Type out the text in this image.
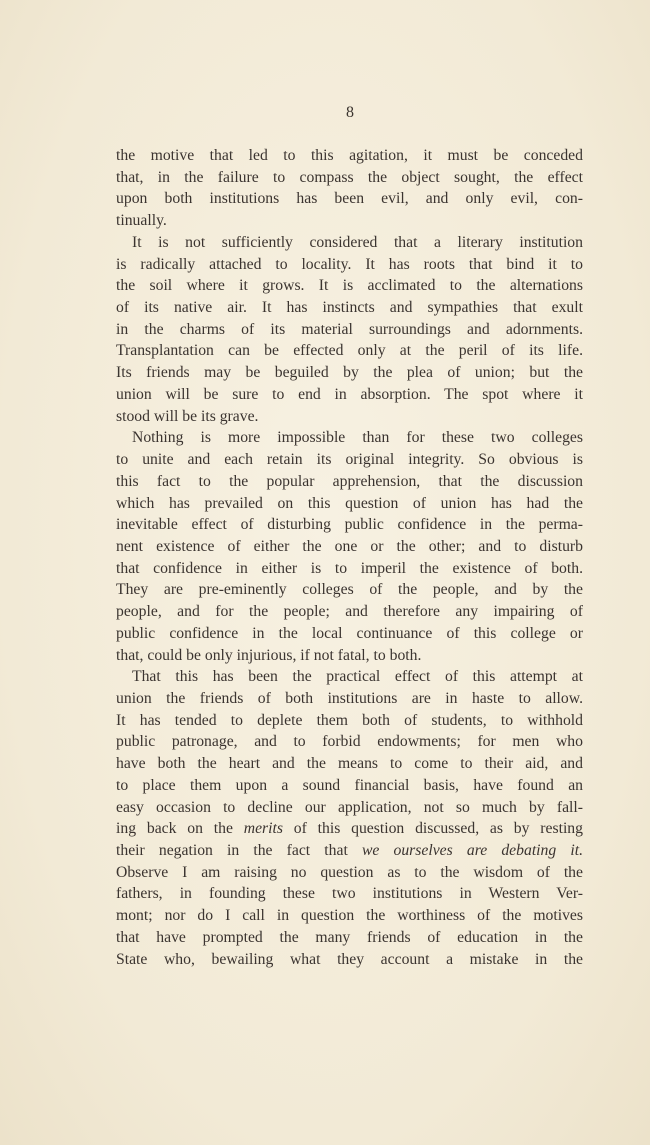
8
the motive that led to this agitation, it must be conceded
that, in the failure to compass the object sought, the effect
upon both institutions has been evil, and only evil, con-
tinually.
It is not sufficiently considered that a literary institution
is radically attached to locality. It has roots that bind it to
the soil where it grows. It is acclimated to the alternations
of its native air. It has instincts and sympathies that exult
in the charms of its material surroundings and adornments.
Transplantation can be effected only at the peril of its life.
Its friends may be beguiled by the plea of union; but the
union will be sure to end in absorption. The spot where it
stood will be its grave.
Nothing is more impossible than for these two colleges
to unite and each retain its original integrity. So obvious is
this fact to the popular apprehension, that the discussion
which has prevailed on this question of union has had the
inevitable effect of disturbing public confidence in the perma-
nent existence of either the one or the other; and to disturb
that confidence in either is to imperil the existence of both.
They are pre-eminently colleges of the people, and by the
people, and for the people; and therefore any impairing of
public confidence in the local continuance of this college or
that, could be only injurious, if not fatal, to both.
That this has been the practical effect of this attempt at
union the friends of both institutions are in haste to allow.
It has tended to deplete them both of students, to withhold
public patronage, and to forbid endowments; for men who
have both the heart and the means to come to their aid, and
to place them upon a sound financial basis, have found an
easy occasion to decline our application, not so much by fall-
ing back on the merits of this question discussed, as by resting
their negation in the fact that we ourselves are debating it.
Observe I am raising no question as to the wisdom of the
fathers, in founding these two institutions in Western Ver-
mont; nor do I call in question the worthiness of the motives
that have prompted the many friends of education in the
State who, bewailing what they account a mistake in the
